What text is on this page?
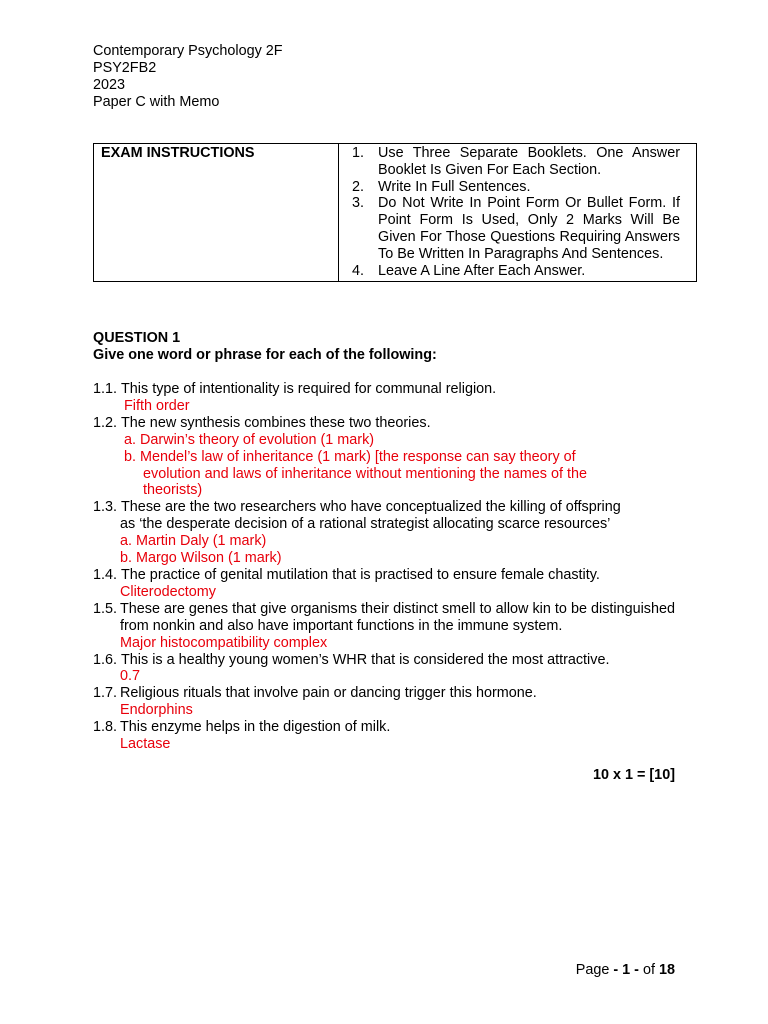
Contemporary Psychology 2F
PSY2FB2
2023
Paper C with Memo
EXAM INSTRUCTIONS	1. Use Three Separate Booklets. One Answer Booklet Is Given For Each Section.
2. Write In Full Sentences.
3. Do Not Write In Point Form Or Bullet Form. If Point Form Is Used, Only 2 Marks Will Be Given For Those Questions Requiring Answers To Be Written In Paragraphs And Sentences.
4. Leave A Line After Each Answer.
QUESTION 1
Give one word or phrase for each of the following:
1.1. This type of intentionality is required for communal religion.
Fifth order
1.2. The new synthesis combines these two theories.
a. Darwin’s theory of evolution (1 mark)
b. Mendel’s law of inheritance (1 mark) [the response can say theory of
evolution and laws of inheritance without mentioning the names of the
theorists)
1.3. These are the two researchers who have conceptualized the killing of offspring
as ‘the desperate decision of a rational strategist allocating scarce resources’
a. Martin Daly (1 mark)
b. Margo Wilson (1 mark)
1.4. The practice of genital mutilation that is practised to ensure female chastity.
Cliterodectomy
1.5. These are genes that give organisms their distinct smell to allow kin to be distinguished from nonkin and also have important functions in the immune system.
Major histocompatibility complex
1.6. This is a healthy young women’s WHR that is considered the most attractive.
0.7
1.7. Religious rituals that involve pain or dancing trigger this hormone.
Endorphins
1.8. This enzyme helps in the digestion of milk.
Lactase
10 x 1 = [10]
Page - 1 - of 18
